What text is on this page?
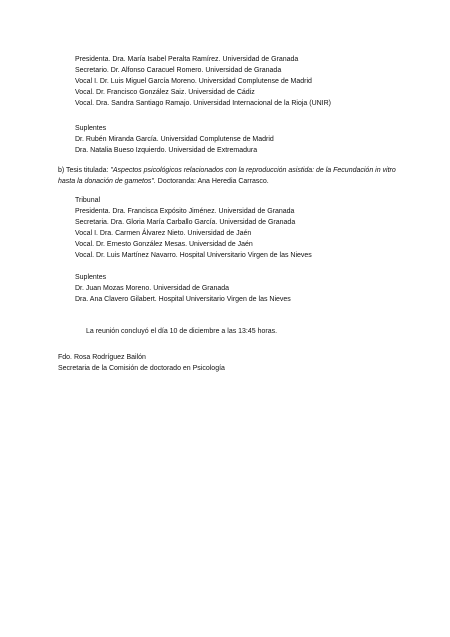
Presidenta. Dra. María Isabel Peralta Ramírez. Universidad de Granada
Secretario. Dr. Alfonso Caracuel Romero. Universidad de Granada
Vocal I. Dr. Luis Miguel García Moreno. Universidad Complutense de Madrid
Vocal. Dr. Francisco González Saiz. Universidad de Cádiz
Vocal. Dra. Sandra Santiago Ramajo. Universidad Internacional de la Rioja (UNIR)
Suplentes
Dr. Rubén Miranda García. Universidad Complutense de Madrid
Dra. Natalia Bueso Izquierdo. Universidad de Extremadura
b) Tesis titulada: "Aspectos psicológicos relacionados con la reproducción asistida: de la Fecundación in vitro hasta la donación de gametos". Doctoranda: Ana Heredia Carrasco.
Tribunal
Presidenta. Dra. Francisca Expósito Jiménez. Universidad de Granada
Secretaria. Dra. Gloria María Carballo García. Universidad de Granada
Vocal I. Dra. Carmen Álvarez Nieto. Universidad de Jaén
Vocal. Dr. Ernesto González Mesas. Universidad de Jaén
Vocal. Dr. Luis Martínez Navarro. Hospital Universitario Virgen de las Nieves
Suplentes
Dr. Juan Mozas Moreno. Universidad de Granada
Dra. Ana Clavero Gilabert. Hospital Universitario Virgen de las Nieves
La reunión concluyó el día 10 de diciembre a las 13:45 horas.
Fdo. Rosa Rodríguez Bailón
Secretaria de la Comisión de doctorado en Psicología
